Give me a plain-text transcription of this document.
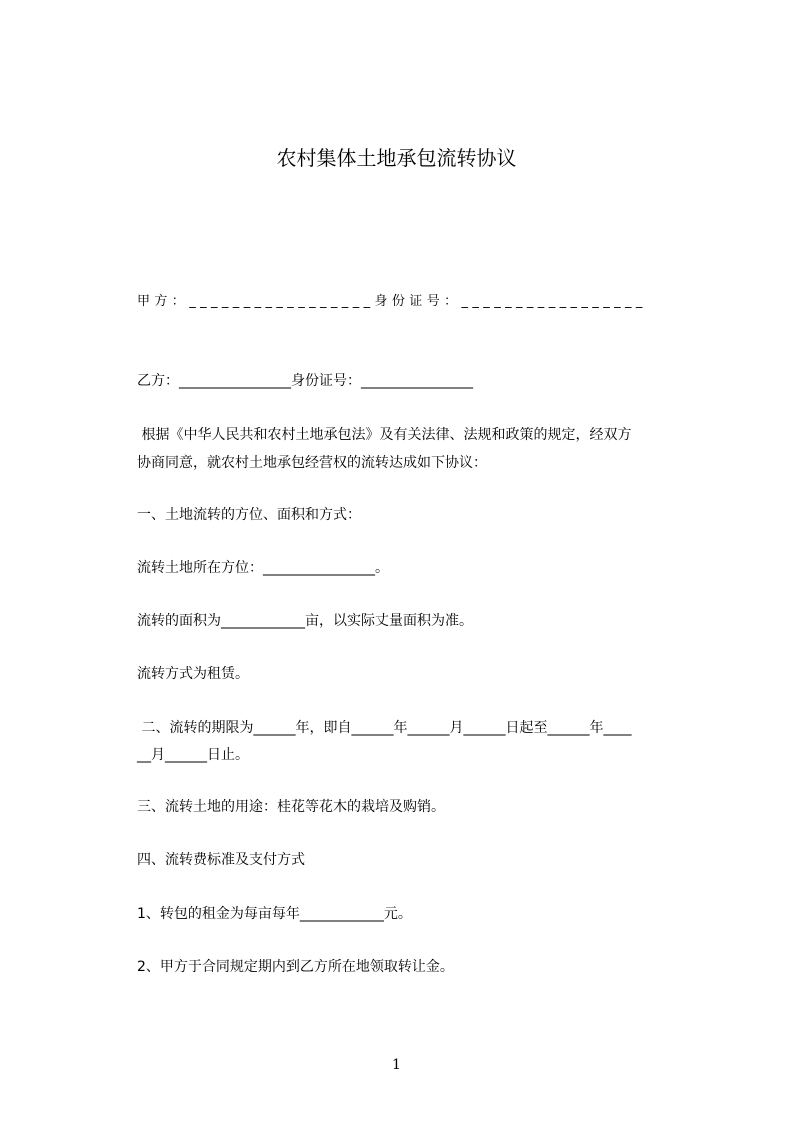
农村集体土地承包流转协议
甲方：_________________身份证号：_________________
乙方：________________身份证号：________________
根据《中华人民共和农村土地承包法》及有关法律、法规和政策的规定，经双方
协商同意，就农村土地承包经营权的流转达成如下协议：
一、土地流转的方位、面积和方式：
流转土地所在方位：________________。
流转的面积为____________亩，以实际丈量面积为准。
流转方式为租赁。
二、流转的期限为______年，即自______年______月______日起至______年____
__月______日止。
三、流转土地的用途：桂花等花木的栽培及购销。
四、流转费标准及支付方式
1、转包的租金为每亩每年____________元。
2、甲方于合同规定期内到乙方所在地领取转让金。
1
